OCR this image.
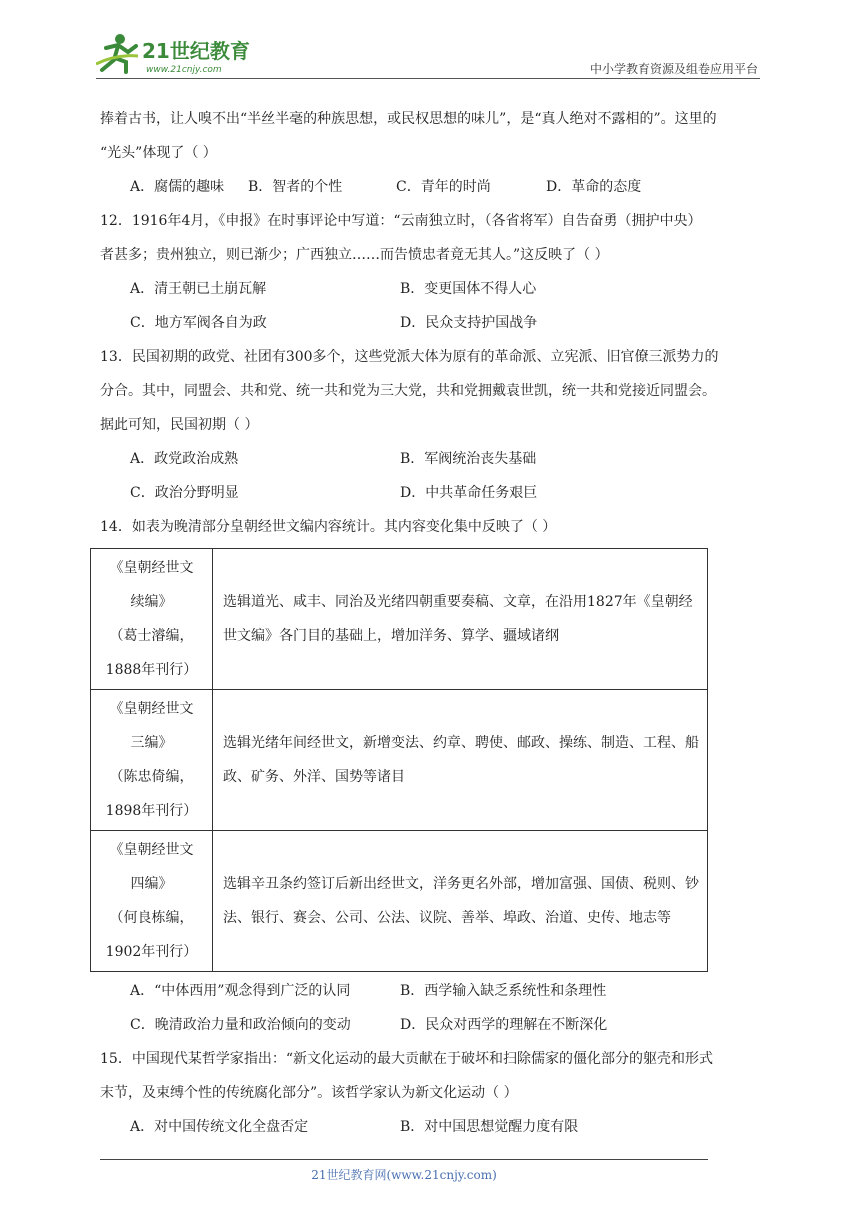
21世纪教育
www.21cnjy.com	中小学教育资源及组卷应用平台

捧着古书，让人嗅不出“半丝半毫的种族思想，或民权思想的味儿”，是“真人绝对不露相的”。这里的

“光头”体现了（ ）

A．腐儒的趣味	B．智者的个性	C．青年的时尚	D．革命的态度

12．1916年4月，《申报》在时事评论中写道：“云南独立时，（各省将军）自告奋勇（拥护中央）

者甚多；贵州独立，则已渐少；广西独立……而告愤忠者竟无其人。”这反映了（ ）

A．清王朝已土崩瓦解	B．变更国体不得人心
C．地方军阀各自为政	D．民众支持护国战争

13．民国初期的政党、社团有300多个，这些党派大体为原有的革命派、立宪派、旧官僚三派势力的

分合。其中，同盟会、共和党、统一共和党为三大党，共和党拥戴袁世凯，统一共和党接近同盟会。

据此可知，民国初期（ ）

A．政党政治成熟	B．军阀统治丧失基础
C．政治分野明显	D．中共革命任务艰巨

14．如表为晚清部分皇朝经世文编内容统计。其内容变化集中反映了（ ）

《皇朝经世文
续编》
（葛士濬编，
1888年刊行）	选辑道光、咸丰、同治及光绪四朝重要奏稿、文章，在沿用1827年《皇朝经世文编》各门目的基础上，增加洋务、算学、疆域诸纲

《皇朝经世文
三编》
（陈忠倚编，
1898年刊行）	选辑光绪年间经世文，新增变法、约章、聘使、邮政、操练、制造、工程、船政、矿务、外洋、国势等诸目

《皇朝经世文
四编》
（何良栋编，
1902年刊行）	选辑辛丑条约签订后新出经世文，洋务更名外部，增加富强、国债、税则、钞法、银行、赛会、公司、公法、议院、善举、埠政、治道、史传、地志等
A．“中体西用”观念得到广泛的认同	B．西学输入缺乏系统性和条理性
C．晚清政治力量和政治倾向的变动	D．民众对西学的理解在不断深化

15．中国现代某哲学家指出：“新文化运动的最大贡献在于破坏和扫除儒家的僵化部分的躯壳和形式

末节，及束缚个性的传统腐化部分”。该哲学家认为新文化运动（ ）

A．对中国传统文化全盘否定	B．对中国思想觉醒力度有限
21世纪教育网(www.21cnjy.com)
